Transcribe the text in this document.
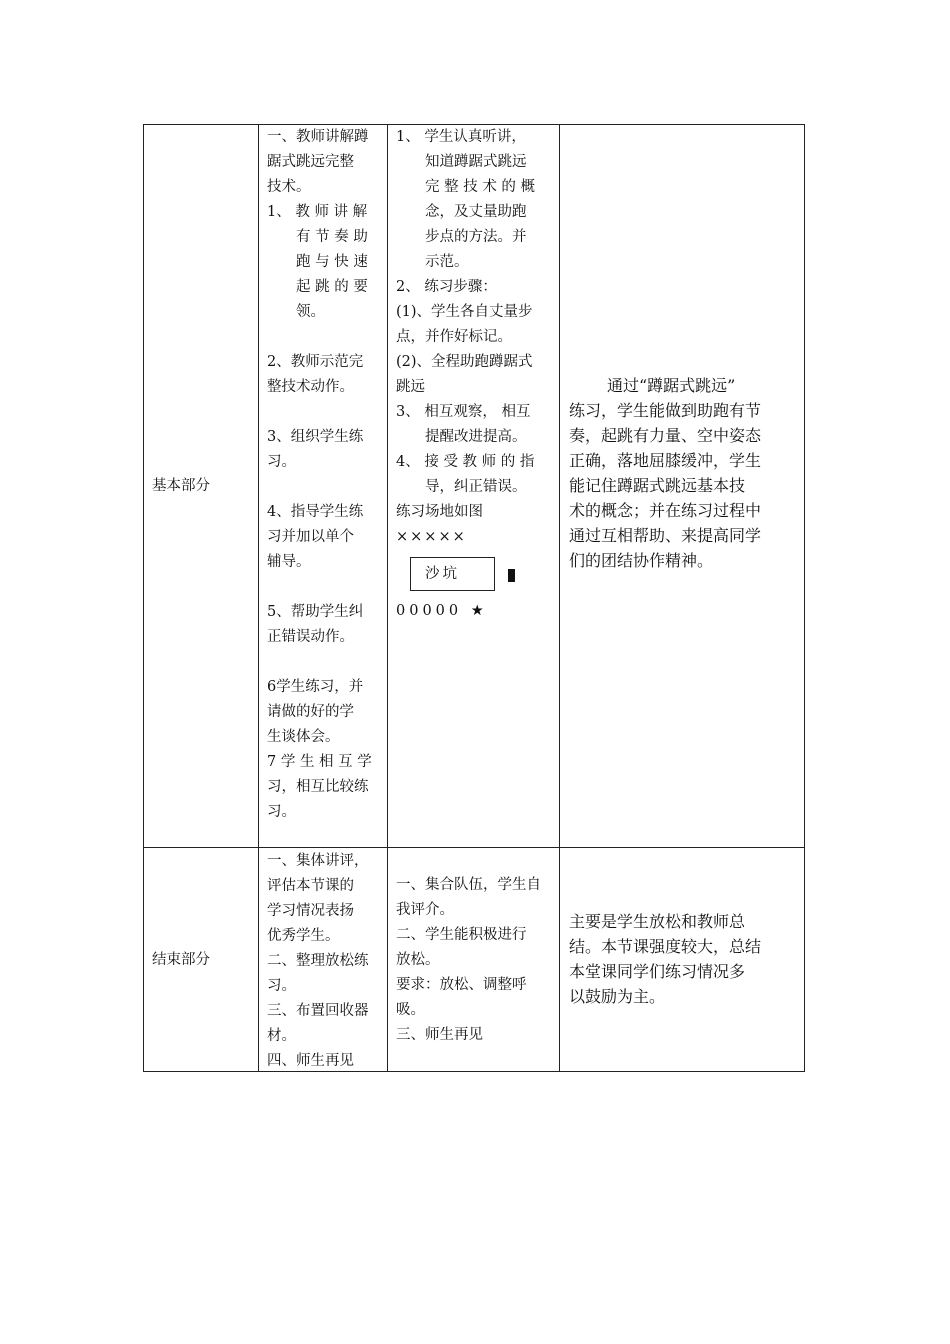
基本部分
一、教师讲解蹲
踞式跳远完整
技术。
1、 教 师 讲 解
有 节 奏 助
跑 与 快 速
起 跳 的 要
领。

2、教师示范完
整技术动作。

3、组织学生练
习。

4、指导学生练
习并加以单个
辅导。

5、帮助学生纠
正错误动作。

6学生练习，并
请做的好的学
生谈体会。
7 学 生 相 互 学
习，相互比较练
习。
1、 学生认真听讲，
知道蹲踞式跳远
完 整 技 术 的 概
念，及丈量助跑
步点的方法。并
示范。
2、 练习步骤：
(1)、学生各自丈量步
点，并作好标记。
(2)、全程助跑蹲踞式
跳远
3、 相互观察， 相互
提醒改进提高。
4、 接 受 教 师 的 指
导，纠正错误。
练习场地如图
×××××
沙坑
00000 ★
通过“蹲踞式跳远”
练习，学生能做到助跑有节
奏，起跳有力量、空中姿态
正确，落地屈膝缓冲，学生
能记住蹲踞式跳远基本技
术的概念；并在练习过程中
通过互相帮助、来提高同学
们的团结协作精神。
结束部分
一、集体讲评，
评估本节课的
学习情况表扬
优秀学生。
二、整理放松练
习。
三、布置回收器
材。
四、师生再见
一、集合队伍，学生自
我评介。
二、学生能积极进行
放松。
要求：放松、调整呼
吸。
三、师生再见
主要是学生放松和教师总
结。本节课强度较大，总结
本堂课同学们练习情况多
以鼓励为主。
